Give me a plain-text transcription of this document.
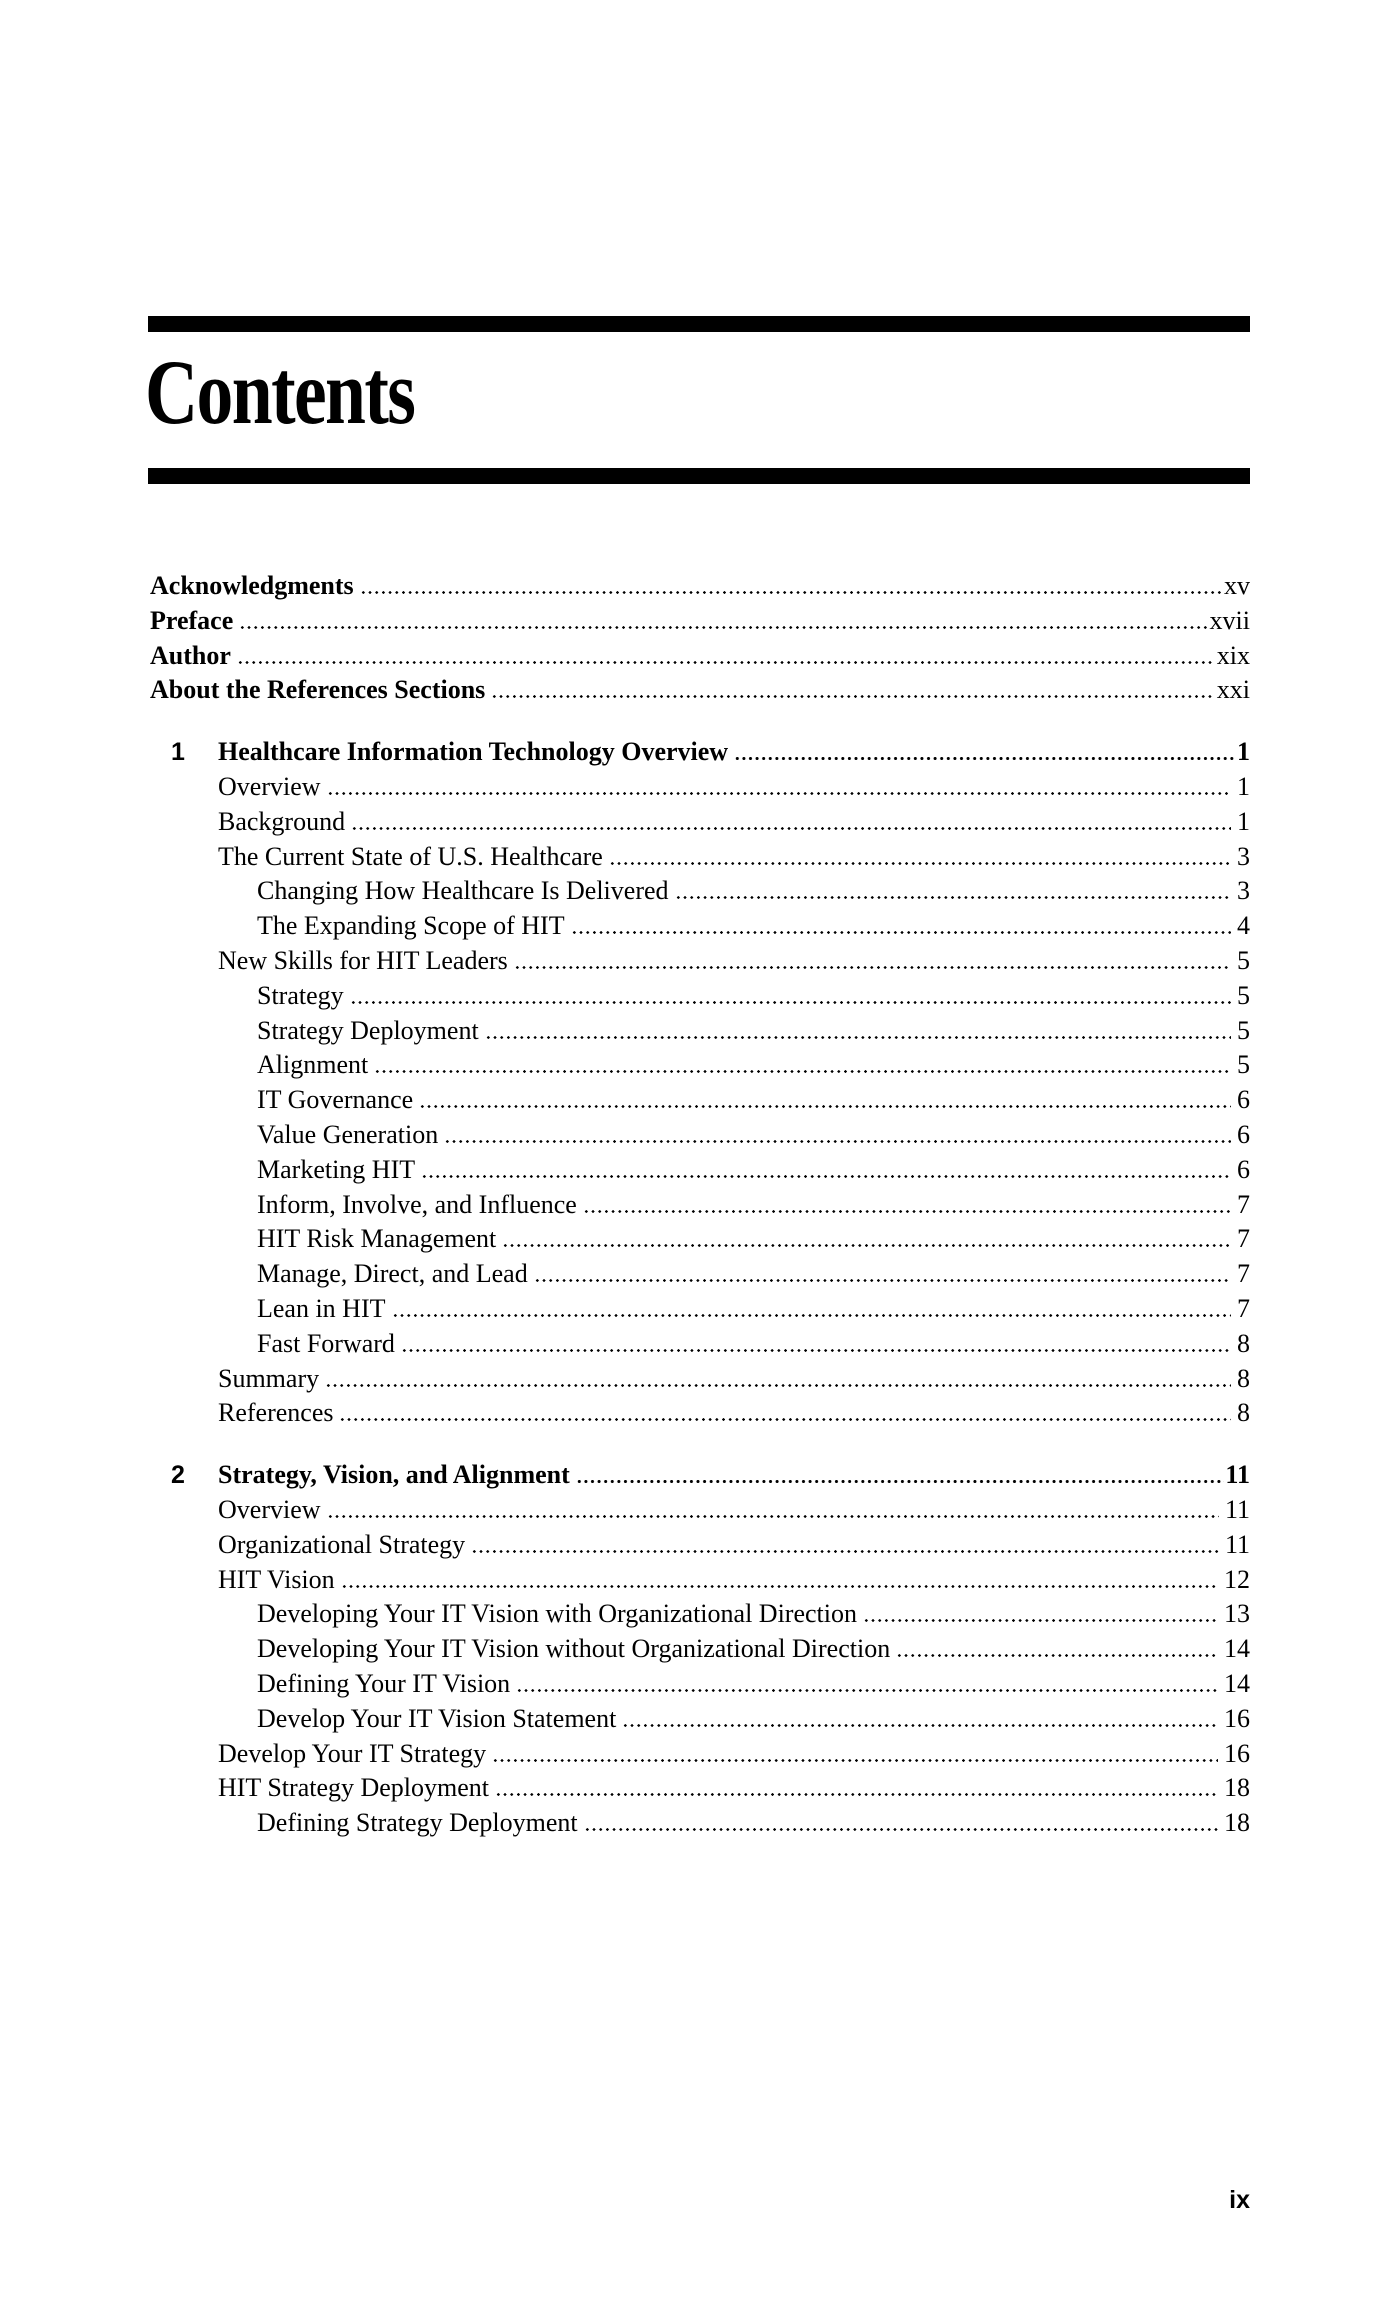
Contents
Acknowledgments	xv
Preface	xvii
Author	xix
About the References Sections	xxi
1	Healthcare Information Technology Overview	1
Overview	1
Background	1
The Current State of U.S. Healthcare	3
Changing How Healthcare Is Delivered	3
The Expanding Scope of HIT	4
New Skills for HIT Leaders	5
Strategy	5
Strategy Deployment	5
Alignment	5
IT Governance	6
Value Generation	6
Marketing HIT	6
Inform, Involve, and Influence	7
HIT Risk Management	7
Manage, Direct, and Lead	7
Lean in HIT	7
Fast Forward	8
Summary	8
References	8
2	Strategy, Vision, and Alignment	11
Overview	11
Organizational Strategy	11
HIT Vision	12
Developing Your IT Vision with Organizational Direction	13
Developing Your IT Vision without Organizational Direction	14
Defining Your IT Vision	14
Develop Your IT Vision Statement	16
Develop Your IT Strategy	16
HIT Strategy Deployment	18
Defining Strategy Deployment	18
ix
